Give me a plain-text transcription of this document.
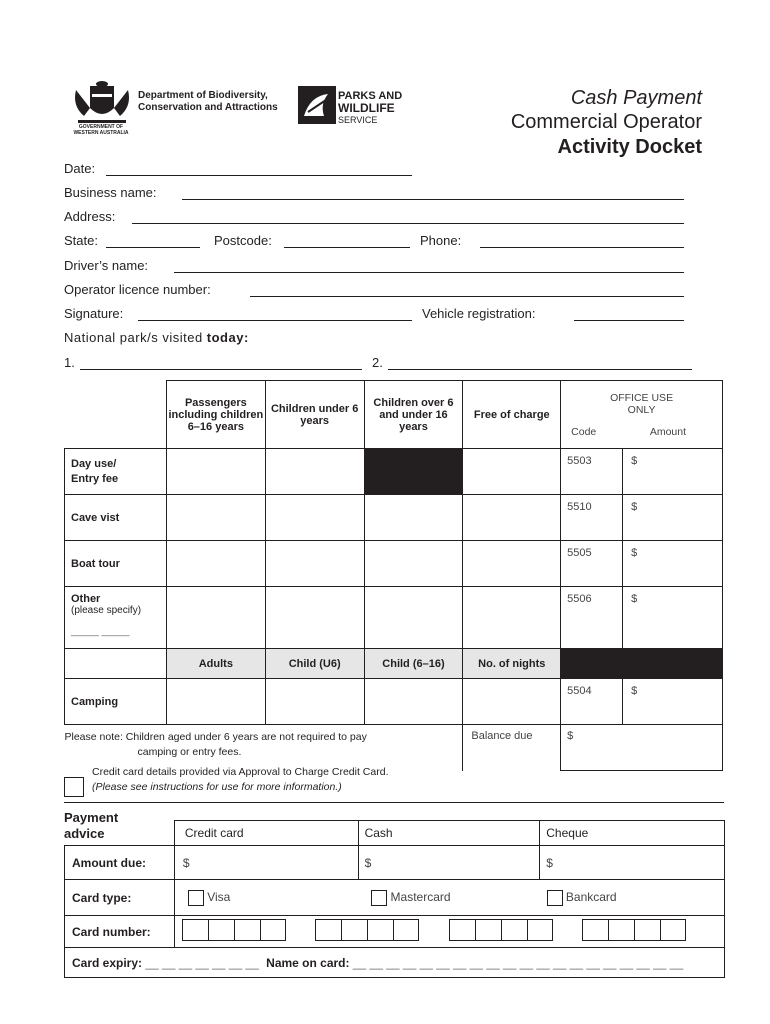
GOVERNMENT OF WESTERN AUSTRALIA
Department of Biodiversity,
Conservation and Attractions
PARKS AND
WILDLIFE
SERVICE
Cash Payment
Commercial Operator
Activity Docket
Date:
Business name:
Address:
State:	Postcode:	Phone:
Driver’s name:
Operator licence number:
Signature:	Vehicle registration:
National park/s visited today:
1.	2.
	Passengers including children 6–16 years	Children under 6 years	Children over 6 and under 16 years	Free of charge	OFFICE USE ONLY
Code Amount	

Day use/ Entry fee					5503	$
Cave vist					5510	$
Boat tour					5505	$

Other
(please specify)
_____ _____					5506	$
	Adults	Child (U6)	Child (6–16)	No. of nights		
Camping					5504	$

Please note: Children aged under 6 years are not required to pay
camping or entry fees.				Balance due	$	
Credit card details provided via Approval to Charge Credit Card.
(Please see instructions for use for more information.)
Payment
advice
		Credit card	Cash	Cheque
Amount due:	$	$	$
Card type:	Visa Mastercard Bankcard		
Card number:			

Card expiry: __ __ __ __ __ __ __ Name on card: __ __ __ __ __ __ __ __ __ __ __ __ __ __ __ __ __ __ __ __			
